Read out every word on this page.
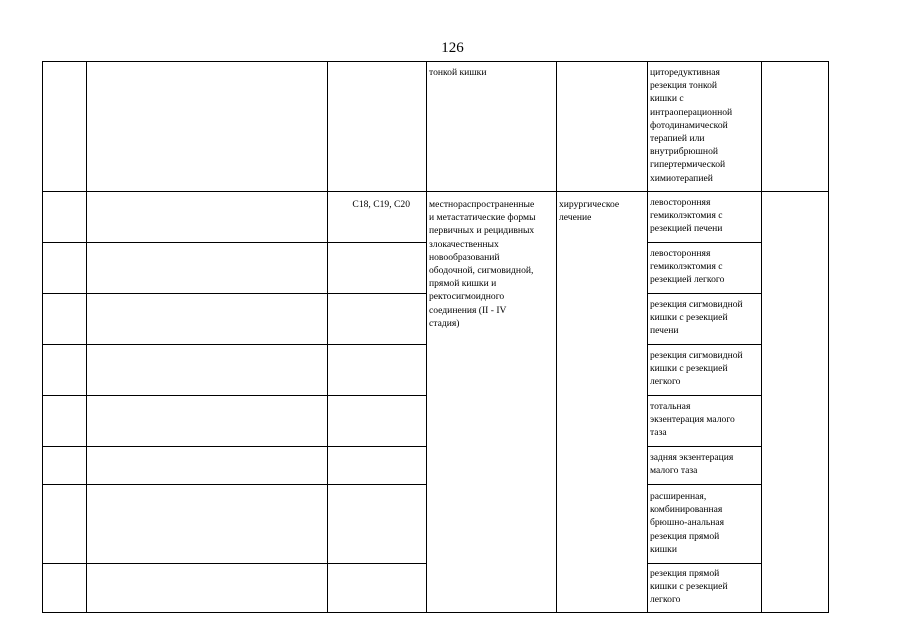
126
тонкой кишки	циторедуктивная
резекция тонкой
кишки с
интраоперационной
фотодинамической
терапией или
внутрибрюшной
гипертермической
химиотерапией
C18, C19, C20 местнораспространенные
и метастатические формы
первичных и рецидивных
злокачественных
новообразований
ободочной, сигмовидной,
прямой кишки и
ректосигмоидного
соединения (II - IV
стадия)
хирургическое
лечение
левосторонняя
гемиколэктомия с
резекцией печени
левосторонняя
гемиколэктомия с
резекцией легкого
резекция сигмовидной
кишки с резекцией
печени
резекция сигмовидной
кишки с резекцией
легкого
тотальная
экзентерация малого
таза
задняя экзентерация
малого таза
расширенная,
комбинированная
брюшно-анальная
резекция прямой
кишки
резекция прямой
кишки с резекцией
легкого
